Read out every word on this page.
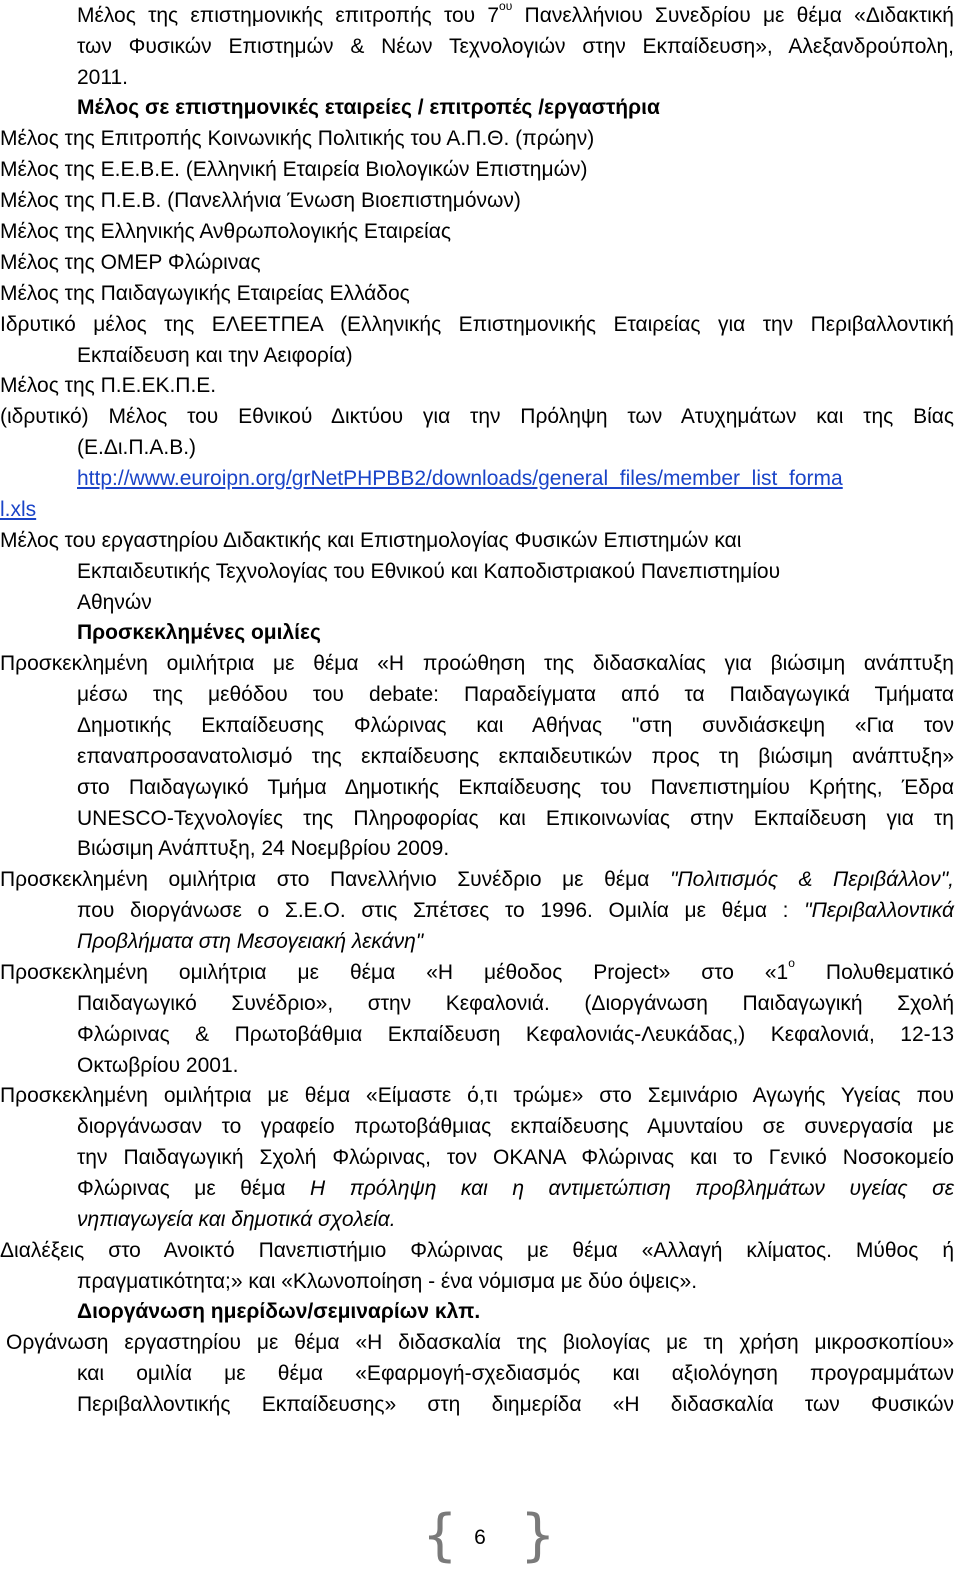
Μέλος της επιστημονικής επιτροπής του $7^{o\upsilon}$ Πανελλήνιου Συνεδρίου με θέμα «Διδακτική
των Φυσικών Επιστημών & Νέων Τεχνολογιών στην Εκπαίδευση», Αλεξανδρούπολη,
2011.
Μέλος σε επιστημονικές εταιρείες / επιτροπές /εργαστήρια
Μέλος της Επιτροπής Κοινωνικής Πολιτικής του Α.Π.Θ. (πρώην)
Μέλος της Ε.Ε.Β.Ε. (Ελληνική Εταιρεία Βιολογικών Επιστημών)
Μέλος της Π.Ε.Β. (Πανελλήνια Ένωση Βιοεπιστημόνων)
Μέλος της Ελληνικής Ανθρωπολογικής Εταιρείας
Μέλος της ΟΜΕΡ Φλώρινας
Μέλος της Παιδαγωγικής Εταιρείας Ελλάδος
Ιδρυτικό μέλος της ΕΛΕΕΤΠΕΑ (Ελληνικής Επιστημονικής Εταιρείας για την Περιβαλλοντική
Εκπαίδευση και την Αειφορία)
Μέλος της Π.Ε.ΕΚ.Π.Ε.
(ιδρυτικό) Μέλος του Εθνικού Δικτύου για την Πρόληψη των Ατυχημάτων και της Βίας
(Ε.Δι.Π.Α.Β.)
http://www.euroipn.org/grNetPHPBB2/downloads/general_files/member_list_forma
l.xls
Μέλος του εργαστηρίου Διδακτικής και Επιστημολογίας Φυσικών Επιστημών και
Εκπαιδευτικής Τεχνολογίας του Εθνικού και Καποδιστριακού Πανεπιστημίου
Αθηνών
Προσκεκλημένες ομιλίες
Προσκεκλημένη ομιλήτρια με θέμα «Η προώθηση της διδασκαλίας για βιώσιμη ανάπτυξη
μέσω της μεθόδου του debate: Παραδείγματα από τα Παιδαγωγικά Τμήματα
Δημοτικής Εκπαίδευσης Φλώρινας και Αθήνας "στη συνδιάσκεψη «Για τον
επαναπροσανατολισμό της εκπαίδευσης εκπαιδευτικών προς τη βιώσιμη ανάπτυξη»
στο Παιδαγωγικό Τμήμα Δημοτικής Εκπαίδευσης του Πανεπιστημίου Κρήτης, Έδρα
UNESCO-Τεχνολογίες της Πληροφορίας και Επικοινωνίας στην Εκπαίδευση για τη
Βιώσιμη Ανάπτυξη, 24 Νοεμβρίου 2009.
Προσκεκλημένη ομιλήτρια στο Πανελλήνιο Συνέδριο με θέμα "Πολιτισμός & Περιβάλλον",
που διοργάνωσε ο Σ.Ε.Ο. στις Σπέτσες το 1996. Ομιλία με θέμα : "Περιβαλλοντικά
Προβλήματα στη Μεσογειακή λεκάνη"
Προσκεκλημένη ομιλήτρια με θέμα «Η μέθοδος Project» στο «$1^o$ Πολυθεματικό
Παιδαγωγικό Συνέδριο», στην Κεφαλονιά. (Διοργάνωση Παιδαγωγική Σχολή
Φλώρινας & Πρωτοβάθμια Εκπαίδευση Κεφαλονιάς-Λευκάδας,) Κεφαλονιά, 12-13
Οκτωβρίου 2001.
Προσκεκλημένη ομιλήτρια με θέμα «Είμαστε ό,τι τρώμε» στο Σεμινάριο Αγωγής Υγείας που
διοργάνωσαν το γραφείο πρωτοβάθμιας εκπαίδευσης Αμυνταίου σε συνεργασία με
την Παιδαγωγική Σχολή Φλώρινας, τον ΟΚΑΝΑ Φλώρινας και το Γενικό Νοσοκομείο
Φλώρινας με θέμα Η πρόληψη και η αντιμετώπιση προβλημάτων υγείας σε
νηπιαγωγεία και δημοτικά σχολεία.
Διαλέξεις στο Ανοικτό Πανεπιστήμιο Φλώρινας με θέμα «Αλλαγή κλίματος. Μύθος ή
πραγματικότητα;» και «Κλωνοποίηση - ένα νόμισμα με δύο όψεις».
Διοργάνωση ημερίδων/σεμιναρίων κλπ.
Οργάνωση εργαστηρίου με θέμα «Η διδασκαλία της βιολογίας με τη χρήση μικροσκοπίου»
και ομιλία με θέμα «Εφαρμογή-σχεδιασμός και αξιολόγηση προγραμμάτων
Περιβαλλοντικής Εκπαίδευσης» στη διημερίδα «Η διδασκαλία των Φυσικών
{ 6 }
